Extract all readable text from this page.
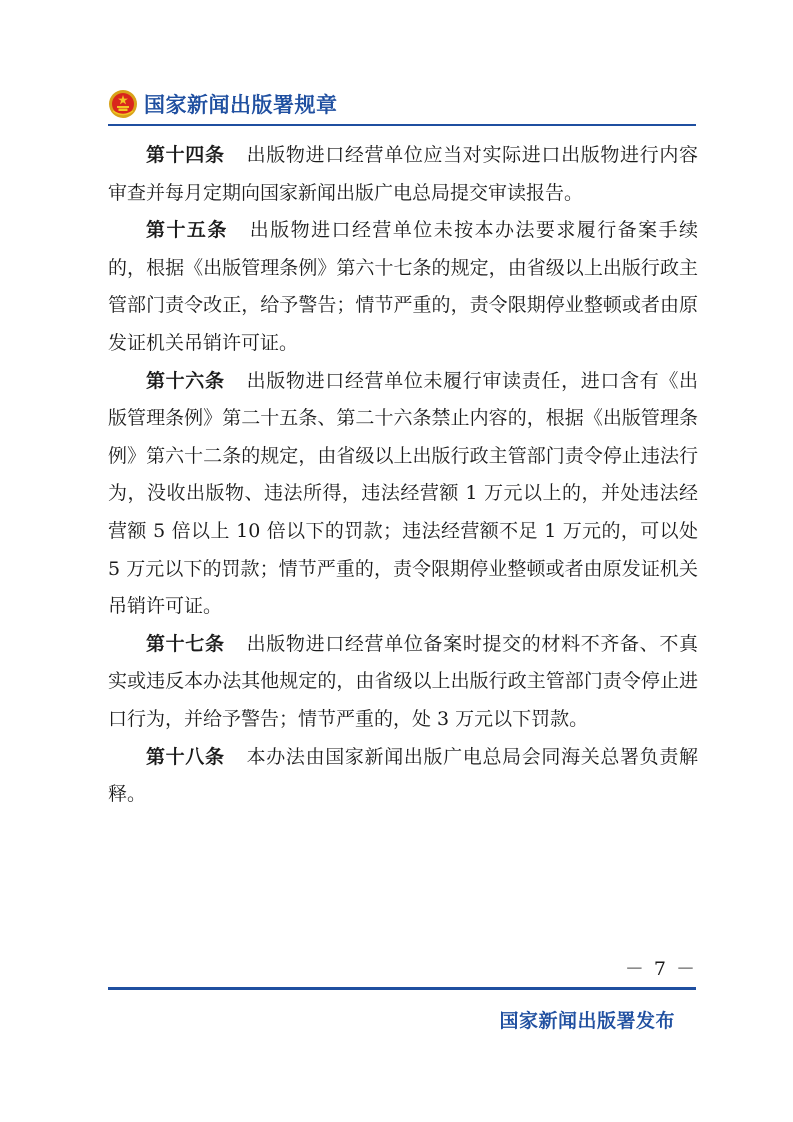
国家新闻出版署规章

第十四条 出版物进口经营单位应当对实际进口出版物进行内容审查并每月定期向国家新闻出版广电总局提交审读报告。

第十五条 出版物进口经营单位未按本办法要求履行备案手续的，根据《出版管理条例》第六十七条的规定，由省级以上出版行政主管部门责令改正，给予警告；情节严重的，责令限期停业整顿或者由原发证机关吊销许可证。

第十六条 出版物进口经营单位未履行审读责任，进口含有《出版管理条例》第二十五条、第二十六条禁止内容的，根据《出版管理条例》第六十二条的规定，由省级以上出版行政主管部门责令停止违法行为，没收出版物、违法所得，违法经营额 1 万元以上的，并处违法经营额 5 倍以上 10 倍以下的罚款；违法经营额不足 1 万元的，可以处 5 万元以下的罚款；情节严重的，责令限期停业整顿或者由原发证机关吊销许可证。

第十七条 出版物进口经营单位备案时提交的材料不齐备、不真实或违反本办法其他规定的，由省级以上出版行政主管部门责令停止进口行为，并给予警告；情节严重的，处 3 万元以下罚款。

第十八条 本办法由国家新闻出版广电总局会同海关总署负责解释。

－ 7 －
国家新闻出版署发布
